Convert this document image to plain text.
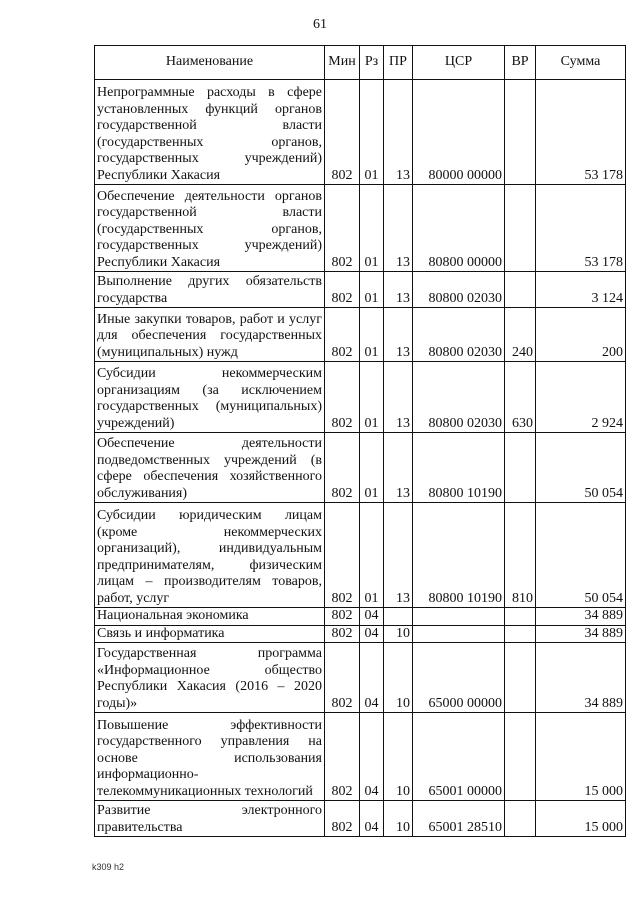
61
Наименование	Мин	Рз	ПР	ЦСР	ВР	Сумма
Непрограммные расходы в сфере установленных функций органов государственной власти (государственных органов, государственных учреждений) Республики Хакасия	802	01	13	80000 00000		53 178
Обеспечение деятельности органов государственной власти (государственных органов, государственных учреждений) Республики Хакасия	802	01	13	80800 00000		53 178
Выполнение других обязательств государства	802	01	13	80800 02030		3 124
Иные закупки товаров, работ и услуг для обеспечения государственных (муниципальных) нужд	802	01	13	80800 02030	240	200
Субсидии некоммерческим организациям (за исключением государственных (муниципальных) учреждений)	802	01	13	80800 02030	630	2 924
Обеспечение деятельности подведомственных учреждений (в сфере обеспечения хозяйственного обслуживания)	802	01	13	80800 10190		50 054
Субсидии юридическим лицам (кроме некоммерческих организаций), индивидуальным предпринимателям, физическим лицам – производителям товаров, работ, услуг	802	01	13	80800 10190	810	50 054
Национальная экономика	802	04				34 889
Связь и информатика	802	04	10			34 889
Государственная программа «Информационное общество Республики Хакасия (2016 – 2020 годы)»	802	04	10	65000 00000		34 889
Повышение эффективности государственного управления на основе использования информационно-телекоммуникационных технологий	802	04	10	65001 00000		15 000
Развитие электронного правительства	802	04	10	65001 28510		15 000
k309 h2
